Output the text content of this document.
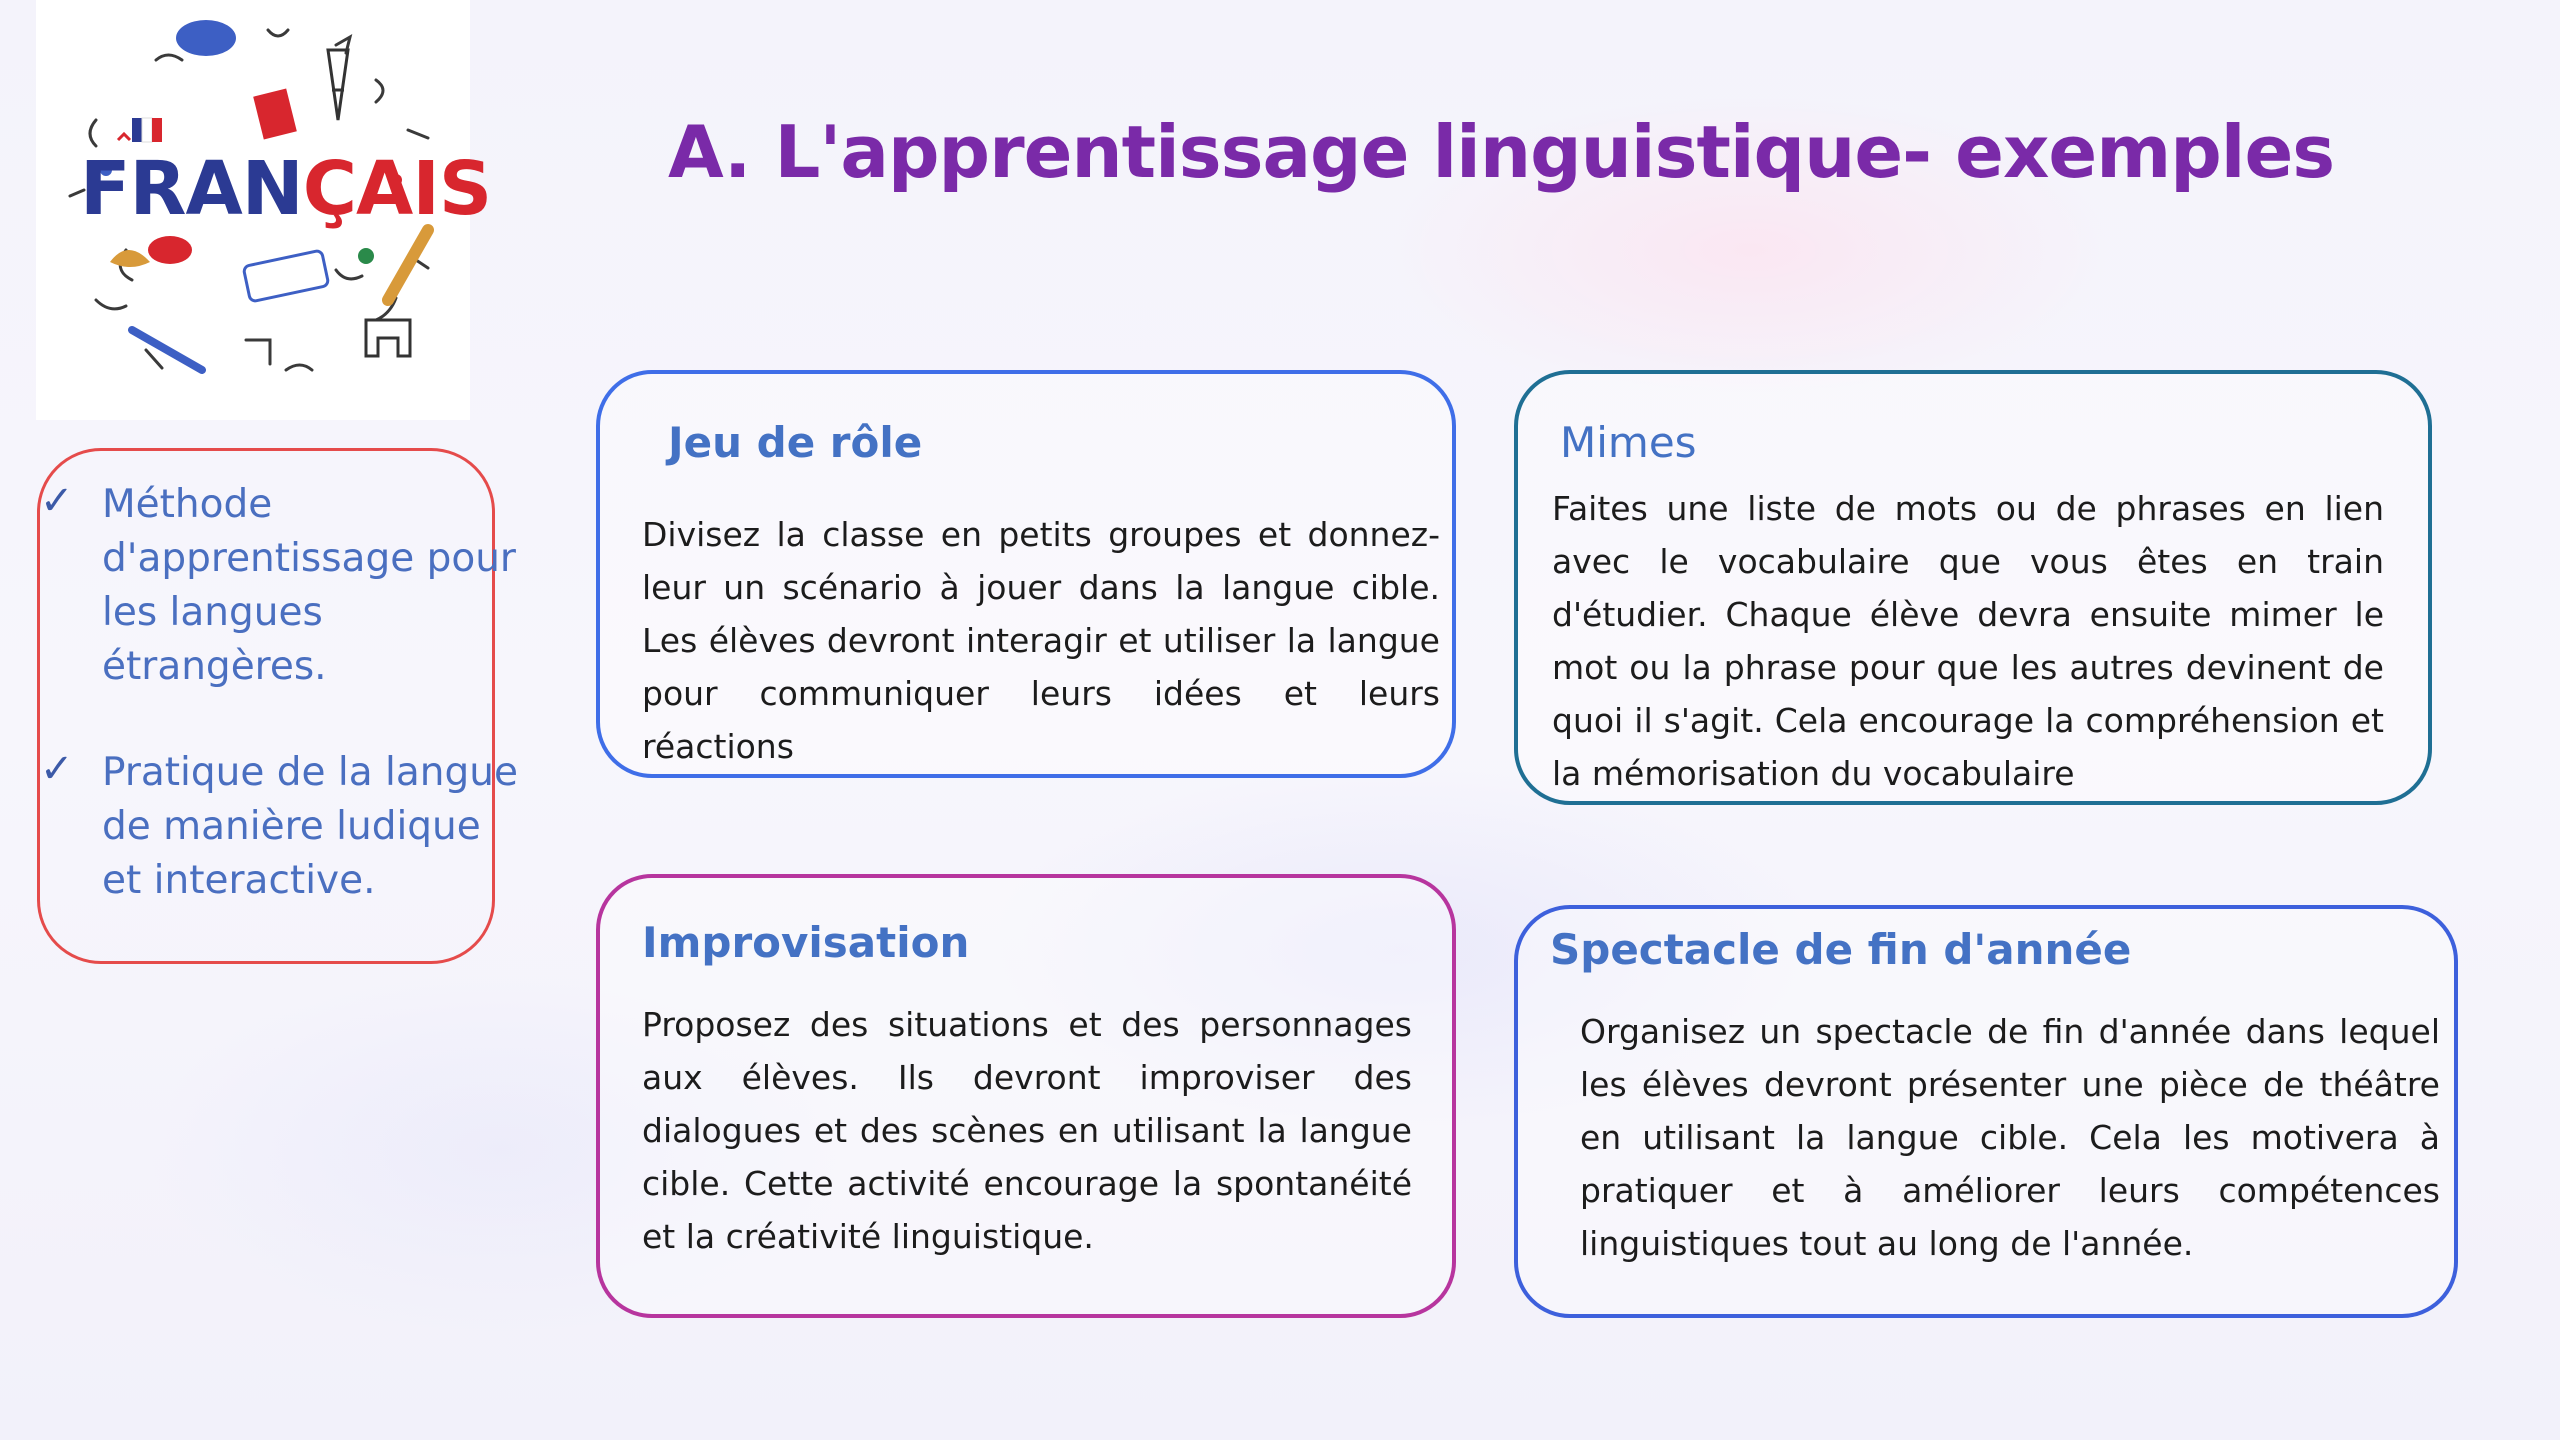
FRANÇAIS A. L'apprentissage linguistique- exemples
✓ Méthode d'apprentissage pour les langues étrangères.
✓ Pratique de la langue de manière ludique et interactive.
Jeu de rôle

Divisez la classe en petits groupes et donnez-leur un scénario à jouer dans la langue cible. Les élèves devront interagir et utiliser la langue pour communiquer leurs idées et leurs réactions

Mimes

Faites une liste de mots ou de phrases en lien avec le vocabulaire que vous êtes en train d'étudier. Chaque élève devra ensuite mimer le mot ou la phrase pour que les autres devinent de quoi il s'agit. Cela encourage la compréhension et la mémorisation du vocabulaire

Improvisation

Proposez des situations et des personnages aux élèves. Ils devront improviser des dialogues et des scènes en utilisant la langue cible. Cette activité encourage la spontanéité et la créativité linguistique.

Spectacle de fin d'année

Organisez un spectacle de fin d'année dans lequel les élèves devront présenter une pièce de théâtre en utilisant la langue cible. Cela les motivera à pratiquer et à améliorer leurs compétences linguistiques tout au long de l'année.
